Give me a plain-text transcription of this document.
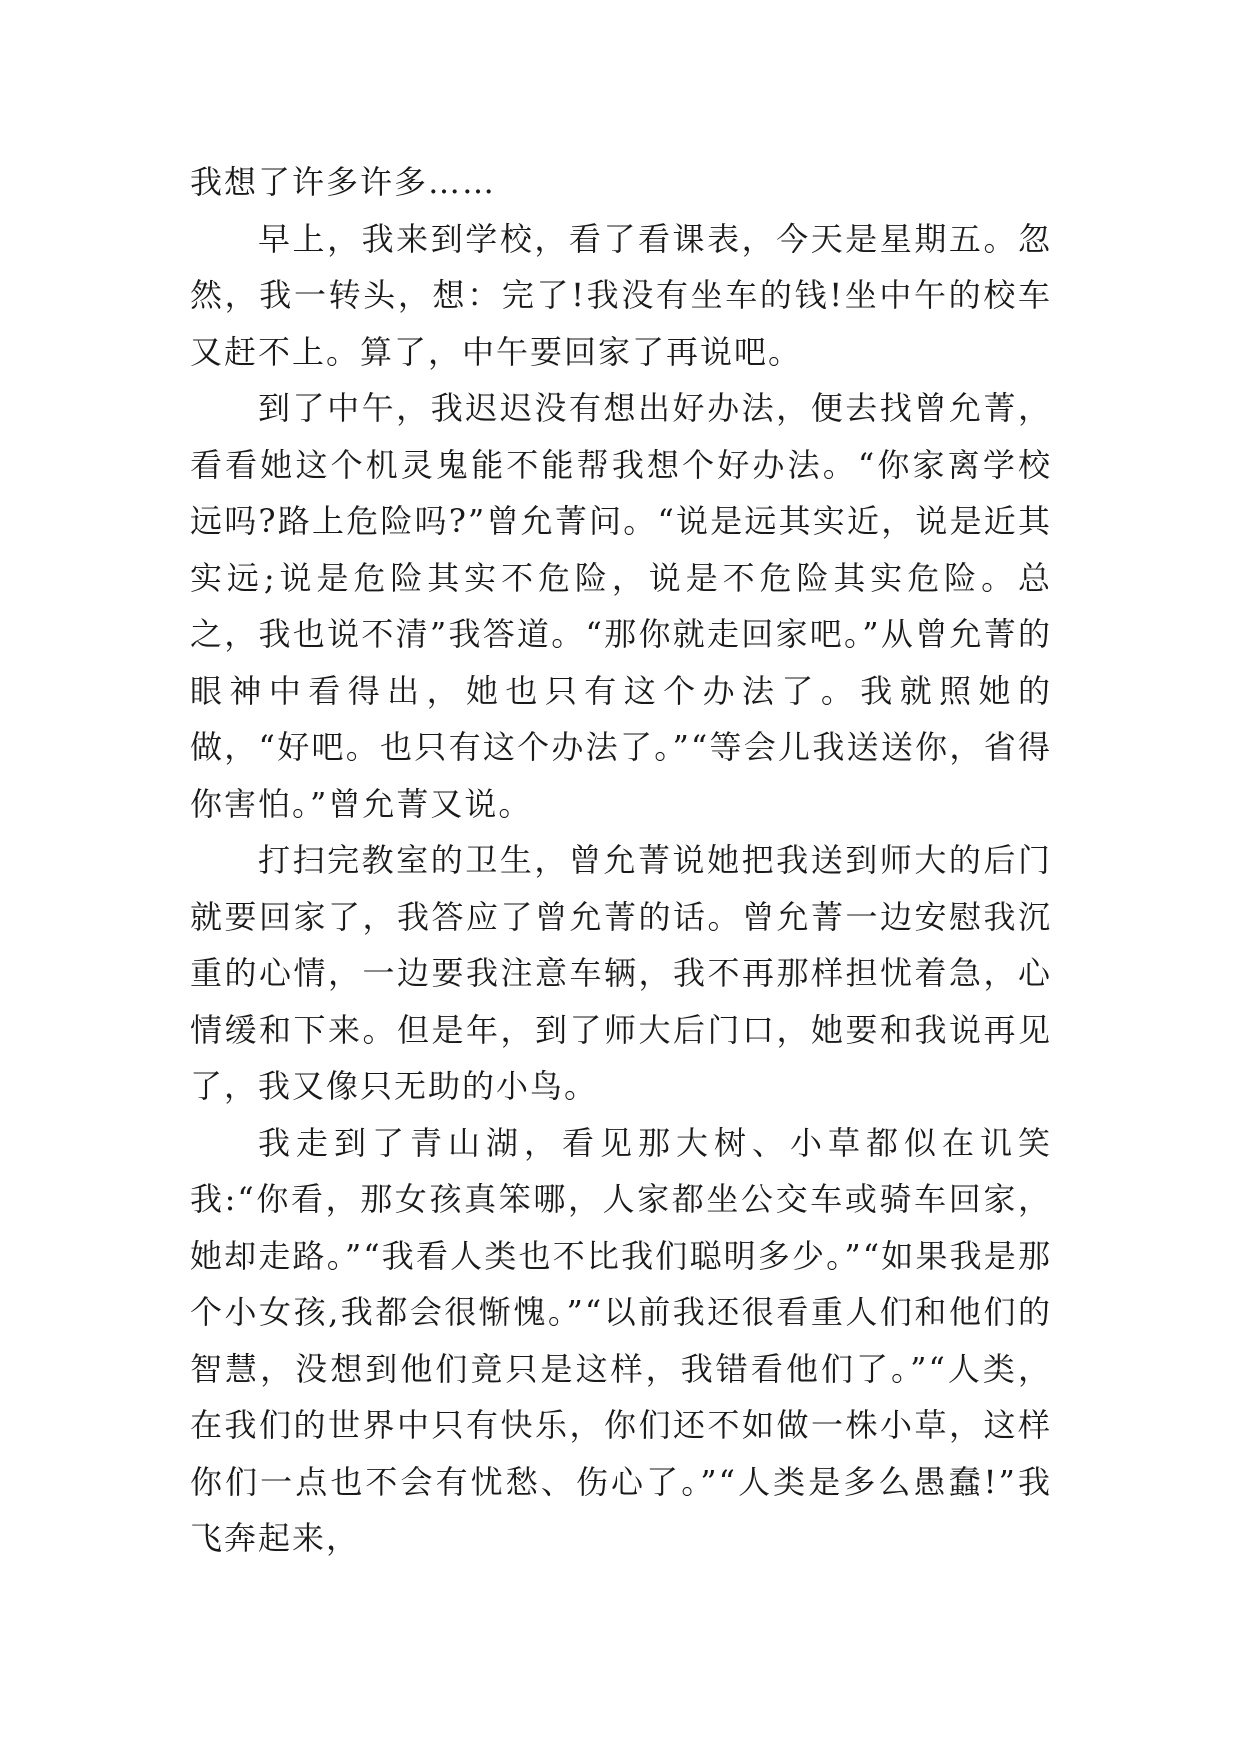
我想了许多许多……

早上，我来到学校，看了看课表，今天是星期五。忽然，我一转头，想：完了!我没有坐车的钱!坐中午的校车又赶不上。算了，中午要回家了再说吧。

到了中午，我迟迟没有想出好办法，便去找曾允菁，看看她这个机灵鬼能不能帮我想个好办法。“你家离学校远吗?路上危险吗?”曾允菁问。“说是远其实近，说是近其实远;说是危险其实不危险，说是不危险其实危险。总之，我也说不清”我答道。“那你就走回家吧。”从曾允菁的眼神中看得出，她也只有这个办法了。我就照她的做，“好吧。也只有这个办法了。”“等会儿我送送你，省得你害怕。”曾允菁又说。

打扫完教室的卫生，曾允菁说她把我送到师大的后门就要回家了，我答应了曾允菁的话。曾允菁一边安慰我沉重的心情，一边要我注意车辆，我不再那样担忧着急，心情缓和下来。但是年，到了师大后门口，她要和我说再见了，我又像只无助的小鸟。

我走到了青山湖，看见那大树、小草都似在讥笑我:“你看，那女孩真笨哪，人家都坐公交车或骑车回家，她却走路。”“我看人类也不比我们聪明多少。”“如果我是那个小女孩,我都会很惭愧。”“以前我还很看重人们和他们的智慧，没想到他们竟只是这样，我错看他们了。”“人类，在我们的世界中只有快乐，你们还不如做一株小草，这样你们一点也不会有忧愁、伤心了。”“人类是多么愚蠢!”我飞奔起来，
